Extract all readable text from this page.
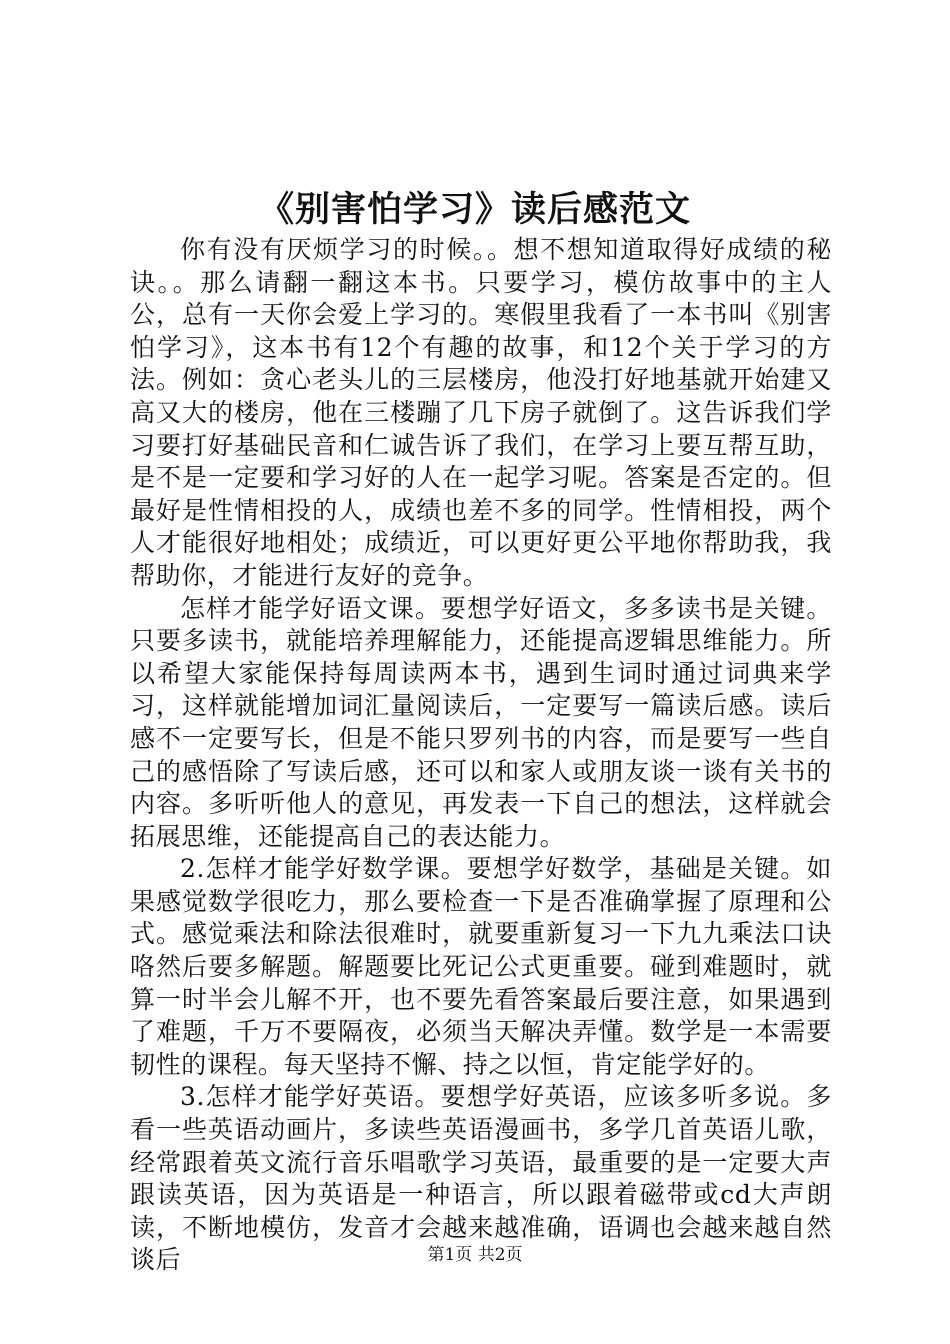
《别害怕学习》读后感范文

你有没有厌烦学习的时候。。想不想知道取得好成绩的秘诀。。那么请翻一翻这本书。只要学习，模仿故事中的主人公，总有一天你会爱上学习的。寒假里我看了一本书叫《别害怕学习》，这本书有12个有趣的故事，和12个关于学习的方法。例如：贪心老头儿的三层楼房，他没打好地基就开始建又高又大的楼房，他在三楼蹦了几下房子就倒了。这告诉我们学习要打好基础民音和仁诚告诉了我们，在学习上要互帮互助，是不是一定要和学习好的人在一起学习呢。答案是否定的。但最好是性情相投的人，成绩也差不多的同学。性情相投，两个人才能很好地相处；成绩近，可以更好更公平地你帮助我，我帮助你，才能进行友好的竞争。

怎样才能学好语文课。要想学好语文，多多读书是关键。只要多读书，就能培养理解能力，还能提高逻辑思维能力。所以希望大家能保持每周读两本书，遇到生词时通过词典来学习，这样就能增加词汇量阅读后，一定要写一篇读后感。读后感不一定要写长，但是不能只罗列书的内容，而是要写一些自己的感悟除了写读后感，还可以和家人或朋友谈一谈有关书的内容。多听听他人的意见，再发表一下自己的想法，这样就会拓展思维，还能提高自己的表达能力。

2.怎样才能学好数学课。要想学好数学，基础是关键。如果感觉数学很吃力，那么要检查一下是否准确掌握了原理和公式。感觉乘法和除法很难时，就要重新复习一下九九乘法口诀咯然后要多解题。解题要比死记公式更重要。碰到难题时，就算一时半会儿解不开，也不要先看答案最后要注意，如果遇到了难题，千万不要隔夜，必须当天解决弄懂。数学是一本需要韧性的课程。每天坚持不懈、持之以恒，肯定能学好的。

3.怎样才能学好英语。要想学好英语，应该多听多说。多看一些英语动画片，多读些英语漫画书，多学几首英语儿歌，经常跟着英文流行音乐唱歌学习英语，最重要的是一定要大声跟读英语，因为英语是一种语言，所以跟着磁带或cd大声朗读，不断地模仿，发音才会越来越准确，语调也会越来越自然谈后	第1页 共2页
